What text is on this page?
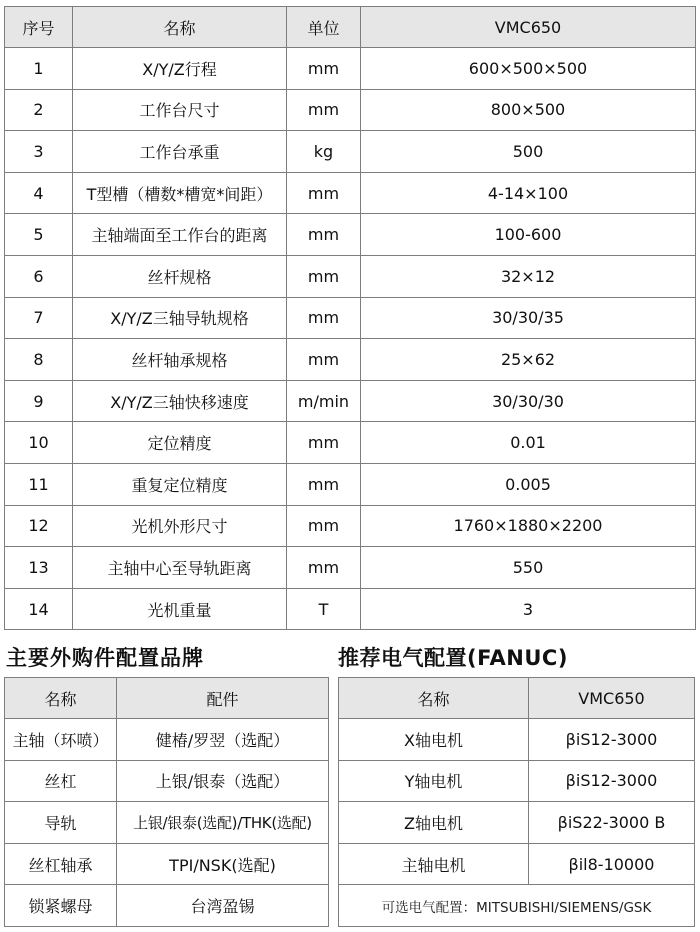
序号	名称	单位	VMC650
1	X/Y/Z行程	mm	600×500×500
2	工作台尺寸	mm	800×500
3	工作台承重	kg	500
4	T型槽（槽数*槽宽*间距）	mm	4-14×100
5	主轴端面至工作台的距离	mm	100-600
6	丝杆规格	mm	32×12
7	X/Y/Z三轴导轨规格	mm	30/30/35
8	丝杆轴承规格	mm	25×62
9	X/Y/Z三轴快移速度	m/min	30/30/30
10	定位精度	mm	0.01
11	重复定位精度	mm	0.005
12	光机外形尺寸	mm	1760×1880×2200
13	主轴中心至导轨距离	mm	550
14	光机重量	T	3
主要外购件配置品牌	推荐电气配置(FANUC)
名称	配件
主轴（环喷）	健椿/罗翌（选配）
丝杠	上银/银泰（选配）
导轨	上银/银泰(选配)/THK(选配)
丝杠轴承	TPI/NSK(选配)
锁紧螺母	台湾盈锡
名称	VMC650
X轴电机	βiS12-3000
Y轴电机	βiS12-3000
Z轴电机	βiS22-3000 B
主轴电机	βil8-10000
可选电气配置：MITSUBISHI/SIEMENS/GSK	
